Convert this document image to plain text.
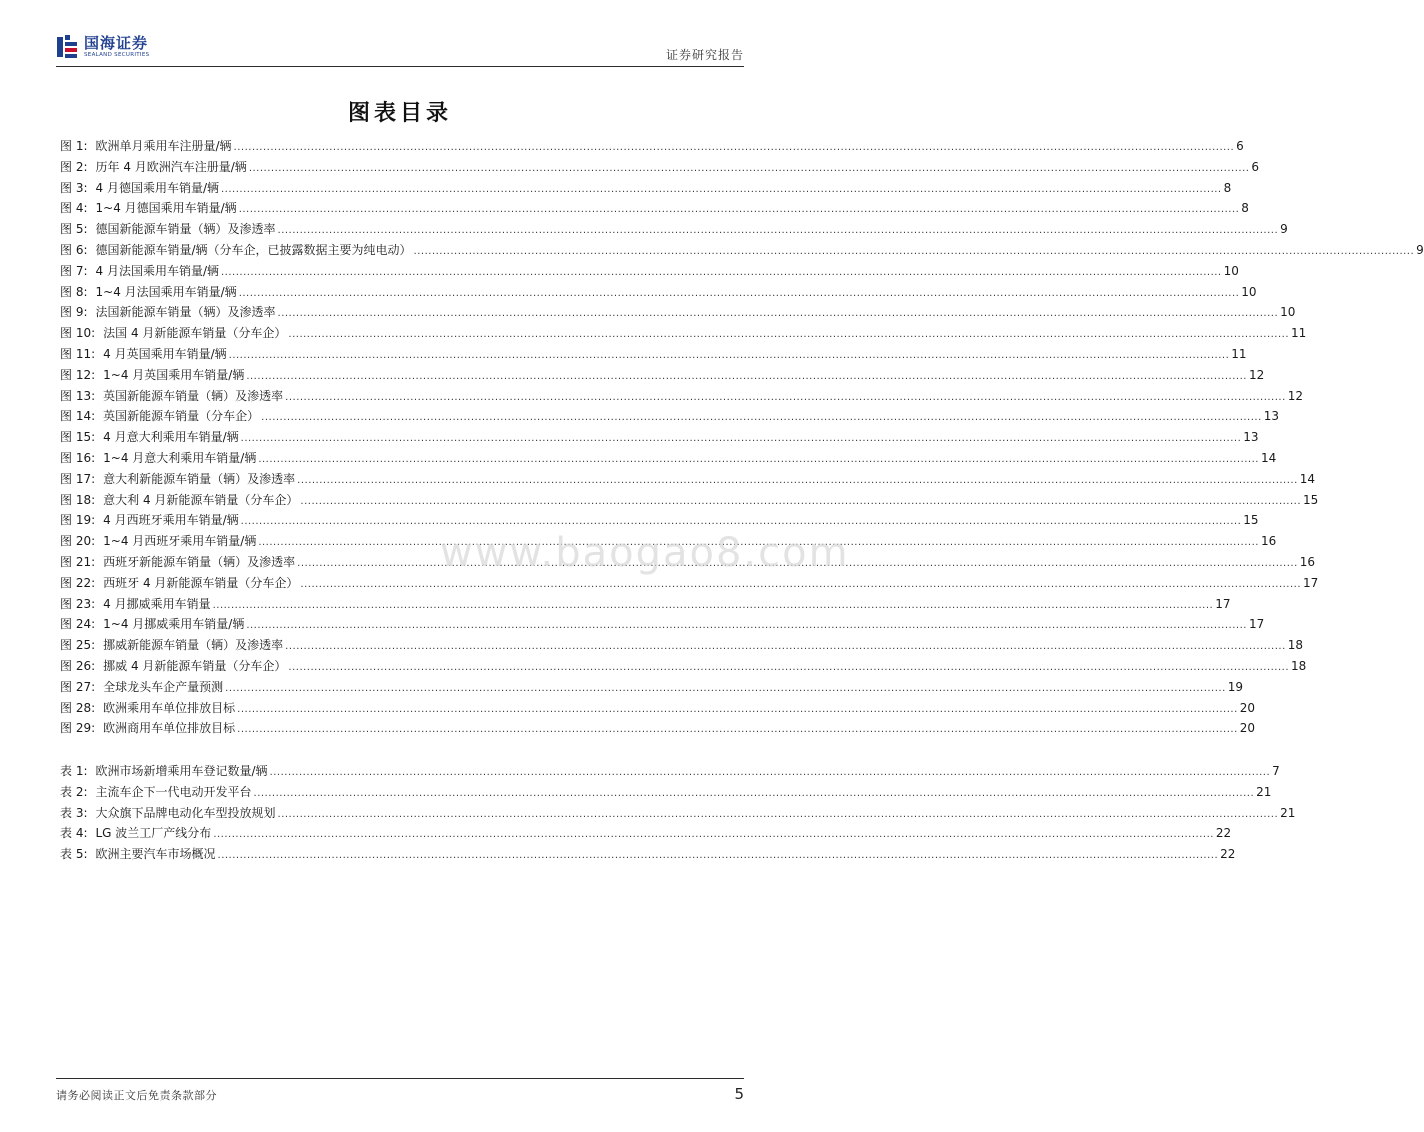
国海证券
SEALAND SECURITIES	证券研究报告
图表目录
图 1: 欧洲单月乘用车注册量/辆 .....	6
图 2: 历年 4 月欧洲汽车注册量/辆 .....	6
图 3: 4 月德国乘用车销量/辆 .....	8
图 4: 1~4 月德国乘用车销量/辆 .....	8
图 5: 德国新能源车销量（辆）及渗透率 .....	9
图 6: 德国新能源车销量/辆（分车企，已披露数据主要为纯电动） .....	9
图 7: 4 月法国乘用车销量/辆 .....	10
图 8: 1~4 月法国乘用车销量/辆 .....	10
图 9: 法国新能源车销量（辆）及渗透率 .....	10
图 10: 法国 4 月新能源车销量（分车企） .....	11
图 11: 4 月英国乘用车销量/辆 .....	11
图 12: 1~4 月英国乘用车销量/辆 .....	12
图 13: 英国新能源车销量（辆）及渗透率 .....	12
图 14: 英国新能源车销量（分车企） .....	13
图 15: 4 月意大利乘用车销量/辆 .....	13
图 16: 1~4 月意大利乘用车销量/辆 .....	14
图 17: 意大利新能源车销量（辆）及渗透率 .....	14
图 18: 意大利 4 月新能源车销量（分车企） .....	15
图 19: 4 月西班牙乘用车销量/辆 .....	15
图 20: 1~4 月西班牙乘用车销量/辆 .....	16
图 21: 西班牙新能源车销量（辆）及渗透率 .....	16
图 22: 西班牙 4 月新能源车销量（分车企） .....	17
图 23: 4 月挪威乘用车销量 .....	17
图 24: 1~4 月挪威乘用车销量/辆 .....	17
图 25: 挪威新能源车销量（辆）及渗透率 .....	18
图 26: 挪威 4 月新能源车销量（分车企） .....	18
图 27: 全球龙头车企产量预测 .....	19
图 28: 欧洲乘用车单位排放目标 .....	20
图 29: 欧洲商用车单位排放目标 .....	20
表 1: 欧洲市场新增乘用车登记数量/辆 .....	7
表 2: 主流车企下一代电动开发平台 .....	21
表 3: 大众旗下品牌电动化车型投放规划 .....	21
表 4: LG 波兰工厂产线分布 .....	22
表 5: 欧洲主要汽车市场概况 .....	22
www.baogao8.com
请务必阅读正文后免责条款部分	5
